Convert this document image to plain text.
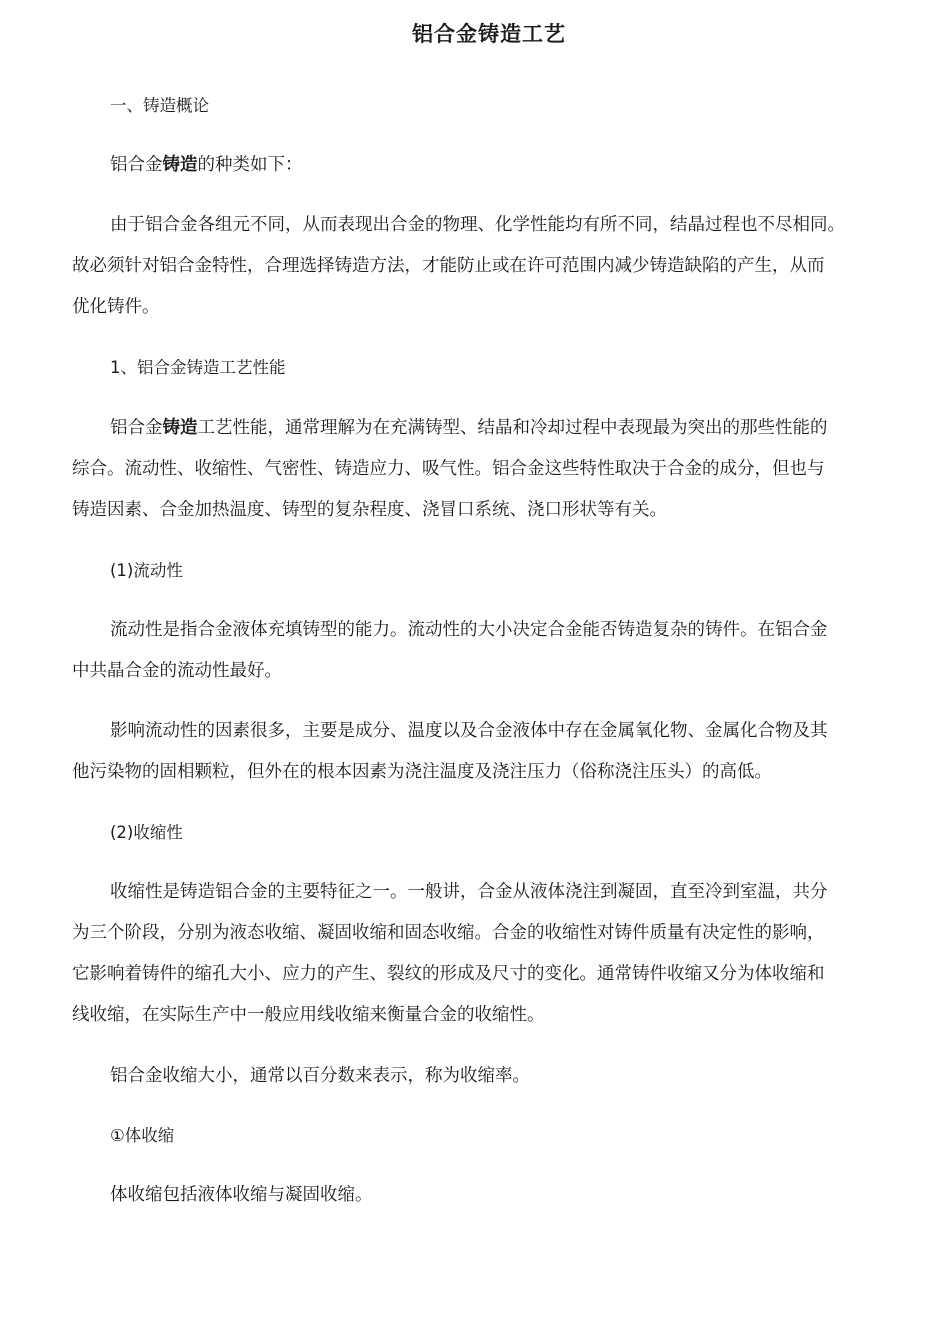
铝合金铸造工艺

一、铸造概论

铝合金铸造的种类如下：

由于铝合金各组元不同，从而表现出合金的物理、化学性能均有所不同，结晶过程也不尽相同。
故必须针对铝合金特性，合理选择铸造方法，才能防止或在许可范围内减少铸造缺陷的产生，从而
优化铸件。

1、铝合金铸造工艺性能

铝合金铸造工艺性能，通常理解为在充满铸型、结晶和冷却过程中表现最为突出的那些性能的
综合。流动性、收缩性、气密性、铸造应力、吸气性。铝合金这些特性取决于合金的成分，但也与
铸造因素、合金加热温度、铸型的复杂程度、浇冒口系统、浇口形状等有关。

(1)流动性

流动性是指合金液体充填铸型的能力。流动性的大小决定合金能否铸造复杂的铸件。在铝合金
中共晶合金的流动性最好。

影响流动性的因素很多，主要是成分、温度以及合金液体中存在金属氧化物、金属化合物及其
他污染物的固相颗粒，但外在的根本因素为浇注温度及浇注压力（俗称浇注压头）的高低。

(2)收缩性

收缩性是铸造铝合金的主要特征之一。一般讲，合金从液体浇注到凝固，直至冷到室温，共分
为三个阶段，分别为液态收缩、凝固收缩和固态收缩。合金的收缩性对铸件质量有决定性的影响，
它影响着铸件的缩孔大小、应力的产生、裂纹的形成及尺寸的变化。通常铸件收缩又分为体收缩和
线收缩，在实际生产中一般应用线收缩来衡量合金的收缩性。

铝合金收缩大小，通常以百分数来表示，称为收缩率。

①体收缩

体收缩包括液体收缩与凝固收缩。
